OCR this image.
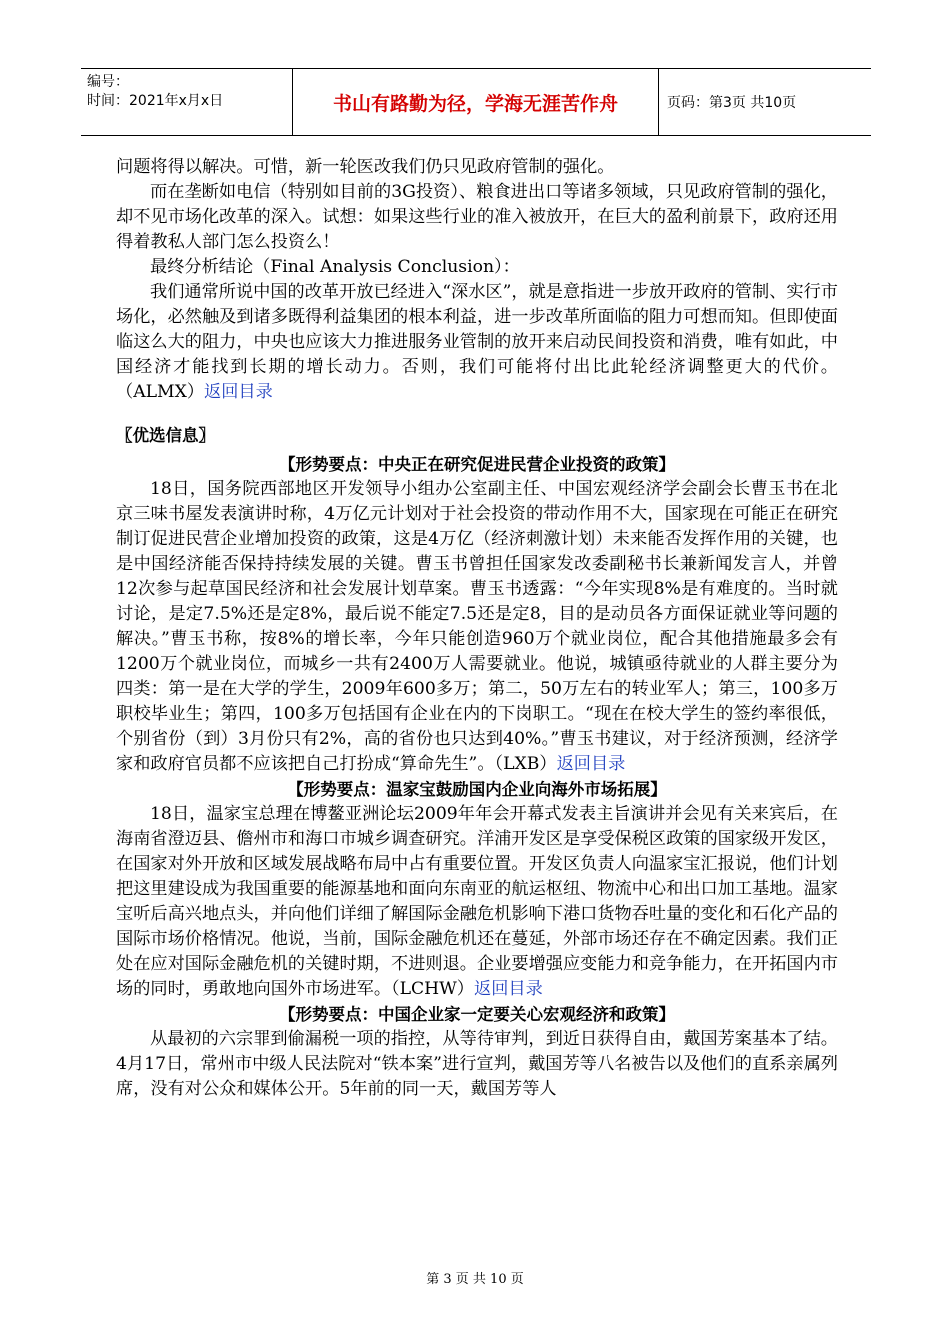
编号：
时间：2021年x月x日	书山有路勤为径，学海无涯苦作舟	页码：第3页 共10页

问题将得以解决。可惜，新一轮医改我们仍只见政府管制的强化。

而在垄断如电信（特别如目前的3G投资）、粮食进出口等诸多领域，只见政府管制的强化，却不见市场化改革的深入。试想：如果这些行业的准入被放开，在巨大的盈利前景下，政府还用得着教私人部门怎么投资么！

最终分析结论（Final Analysis Conclusion）：

我们通常所说中国的改革开放已经进入“深水区”，就是意指进一步放开政府的管制、实行市场化，必然触及到诸多既得利益集团的根本利益，进一步改革所面临的阻力可想而知。但即使面临这么大的阻力，中央也应该大力推进服务业管制的放开来启动民间投资和消费，唯有如此，中国经济才能找到长期的增长动力。否则，我们可能将付出比此轮经济调整更大的代价。（ALMX）返回目录

〖优选信息〗

【形势要点：中央正在研究促进民营企业投资的政策】

18日，国务院西部地区开发领导小组办公室副主任、中国宏观经济学会副会长曹玉书在北京三味书屋发表演讲时称，4万亿元计划对于社会投资的带动作用不大，国家现在可能正在研究制订促进民营企业增加投资的政策，这是4万亿（经济刺激计划）未来能否发挥作用的关键，也是中国经济能否保持持续发展的关键。曹玉书曾担任国家发改委副秘书长兼新闻发言人，并曾12次参与起草国民经济和社会发展计划草案。曹玉书透露：“今年实现8%是有难度的。当时就讨论，是定7.5%还是定8%，最后说不能定7.5还是定8，目的是动员各方面保证就业等问题的解决。”曹玉书称，按8%的增长率，今年只能创造960万个就业岗位，配合其他措施最多会有1200万个就业岗位，而城乡一共有2400万人需要就业。他说，城镇亟待就业的人群主要分为四类：第一是在大学的学生，2009年600多万；第二，50万左右的转业军人；第三，100多万职校毕业生；第四，100多万包括国有企业在内的下岗职工。“现在在校大学生的签约率很低，个别省份（到）3月份只有2%，高的省份也只达到40%。”曹玉书建议，对于经济预测，经济学家和政府官员都不应该把自己打扮成“算命先生”。（LXB）返回目录

【形势要点：温家宝鼓励国内企业向海外市场拓展】

18日，温家宝总理在博鳌亚洲论坛2009年年会开幕式发表主旨演讲并会见有关来宾后，在海南省澄迈县、儋州市和海口市城乡调查研究。洋浦开发区是享受保税区政策的国家级开发区，在国家对外开放和区域发展战略布局中占有重要位置。开发区负责人向温家宝汇报说，他们计划把这里建设成为我国重要的能源基地和面向东南亚的航运枢纽、物流中心和出口加工基地。温家宝听后高兴地点头，并向他们详细了解国际金融危机影响下港口货物吞吐量的变化和石化产品的国际市场价格情况。他说，当前，国际金融危机还在蔓延，外部市场还存在不确定因素。我们正处在应对国际金融危机的关键时期，不进则退。企业要增强应变能力和竞争能力，在开拓国内市场的同时，勇敢地向国外市场进军。（LCHW）返回目录

【形势要点：中国企业家一定要关心宏观经济和政策】

从最初的六宗罪到偷漏税一项的指控，从等待审判，到近日获得自由，戴国芳案基本了结。4月17日，常州市中级人民法院对“铁本案”进行宣判，戴国芳等八名被告以及他们的直系亲属列席，没有对公众和媒体公开。5年前的同一天，戴国芳等人

第 3 页 共 10 页
